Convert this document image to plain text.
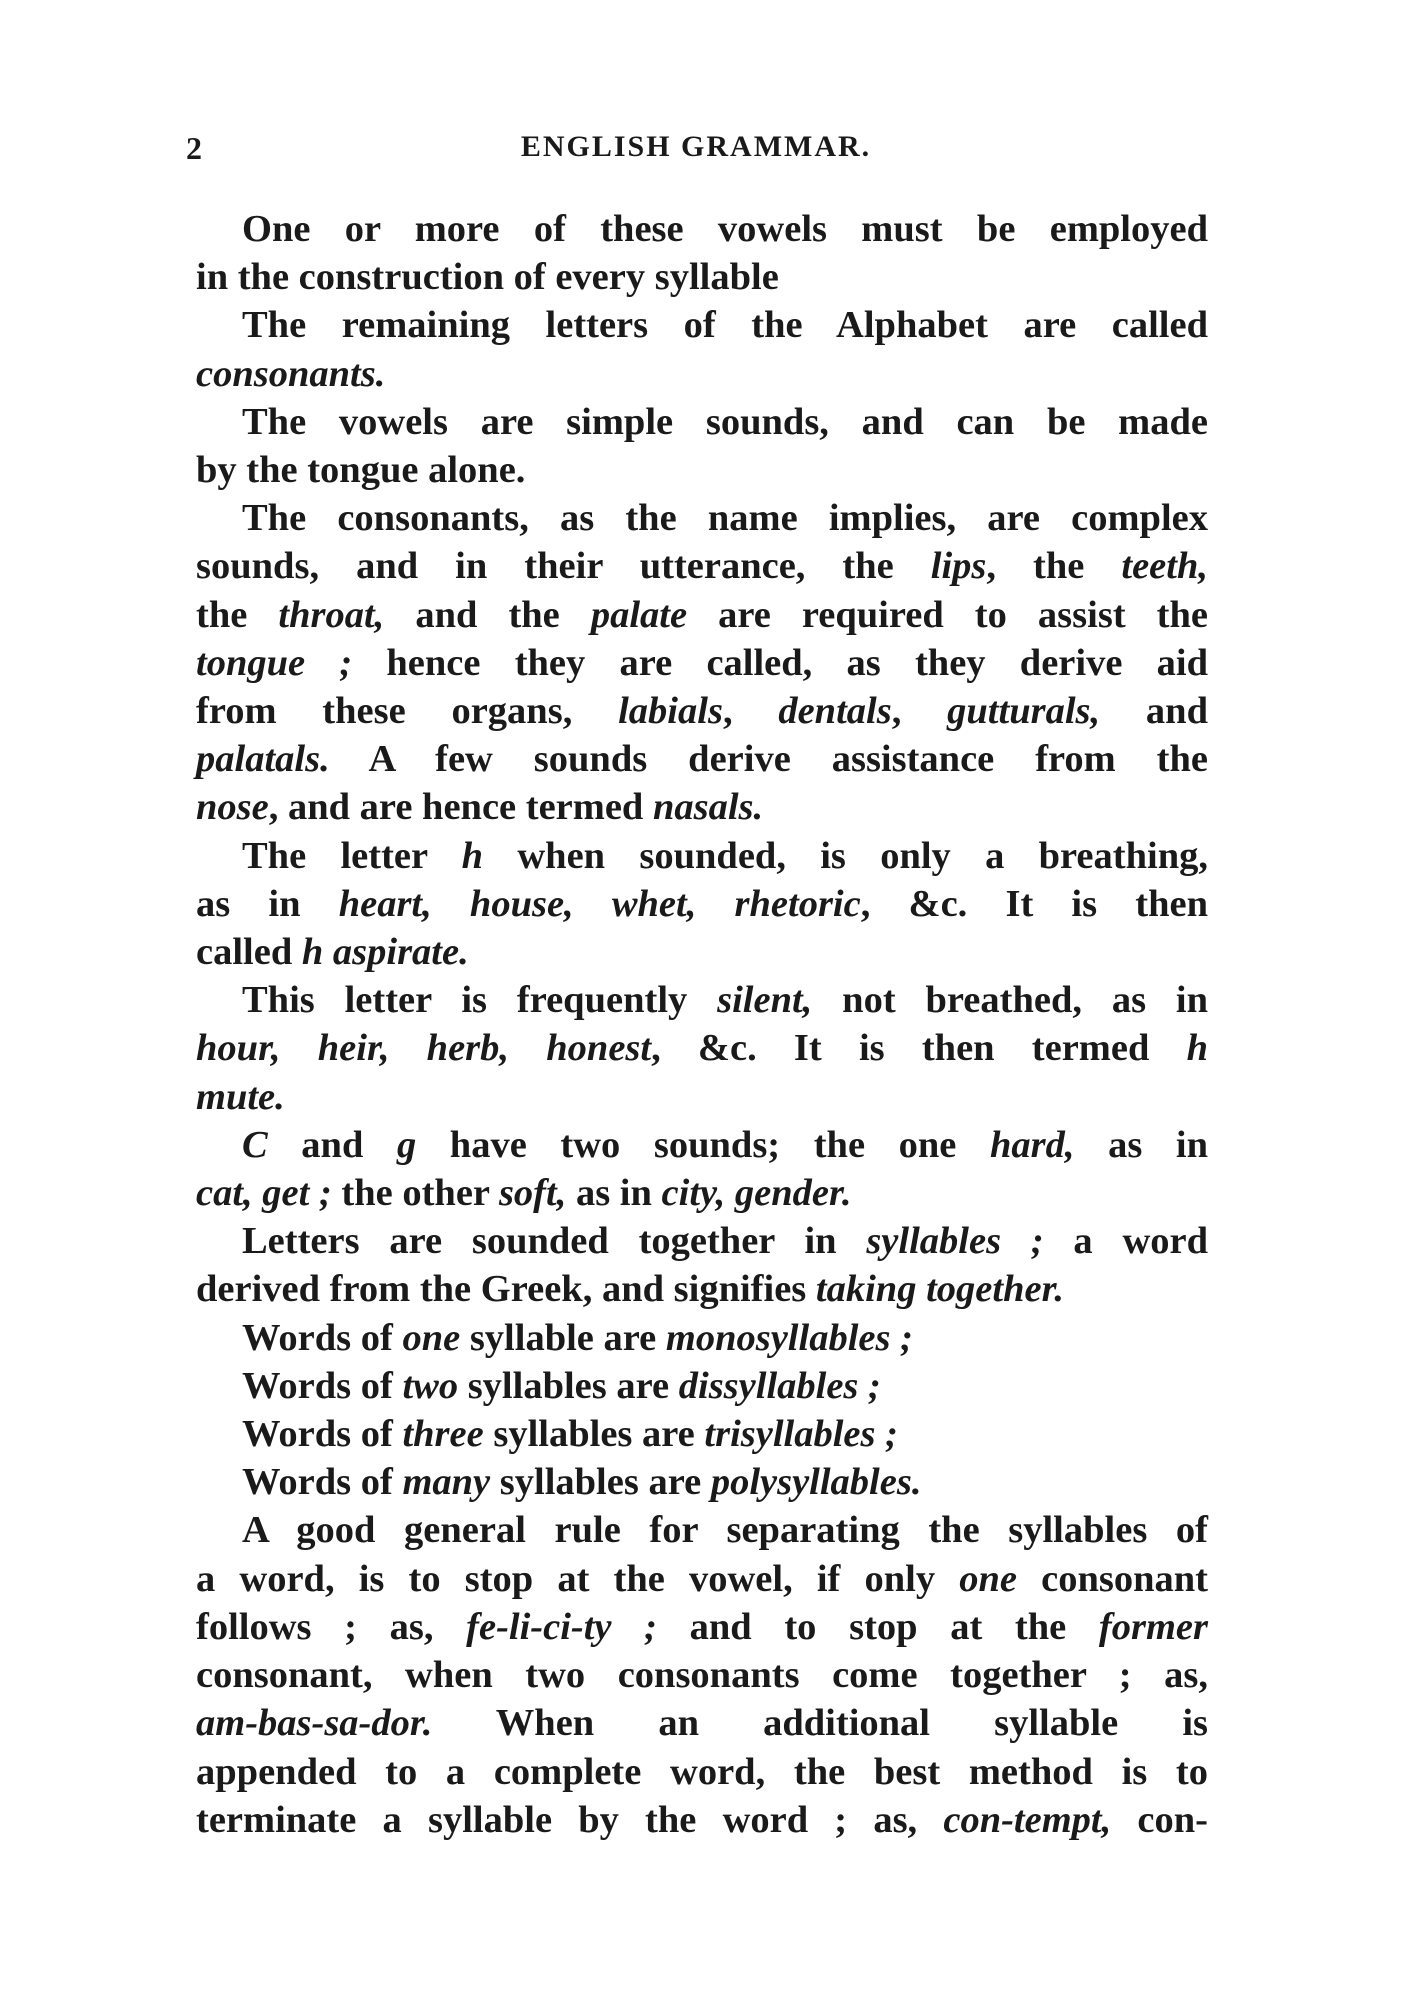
2	ENGLISH GRAMMAR.

One or more of these vowels must be employed
in the construction of every syllable

The remaining letters of the Alphabet are called
consonants.

The vowels are simple sounds, and can be made
by the tongue alone.

The consonants, as the name implies, are complex
sounds, and in their utterance, the lips, the teeth,
the throat, and the palate are required to assist the
tongue ; hence they are called, as they derive aid
from these organs, labials, dentals, gutturals, and
palatals. A few sounds derive assistance from the
nose, and are hence termed nasals.

The letter h when sounded, is only a breathing,
as in heart, house, whet, rhetoric, &c. It is then
called h aspirate.

This letter is frequently silent, not breathed, as in
hour, heir, herb, honest, &c. It is then termed h
mute.

C and g have two sounds; the one hard, as in
cat, get ; the other soft, as in city, gender.

Letters are sounded together in syllables ; a word
derived from the Greek, and signifies taking together.

Words of one syllable are monosyllables ;

Words of two syllables are dissyllables ;

Words of three syllables are trisyllables ;

Words of many syllables are polysyllables.

A good general rule for separating the syllables of
a word, is to stop at the vowel, if only one consonant
follows ; as, fe-li-ci-ty ; and to stop at the former
consonant, when two consonants come together ; as,
am-bas-sa-dor. When an additional syllable is
appended to a complete word, the best method is to
terminate a syllable by the word ; as, con-tempt, con-
